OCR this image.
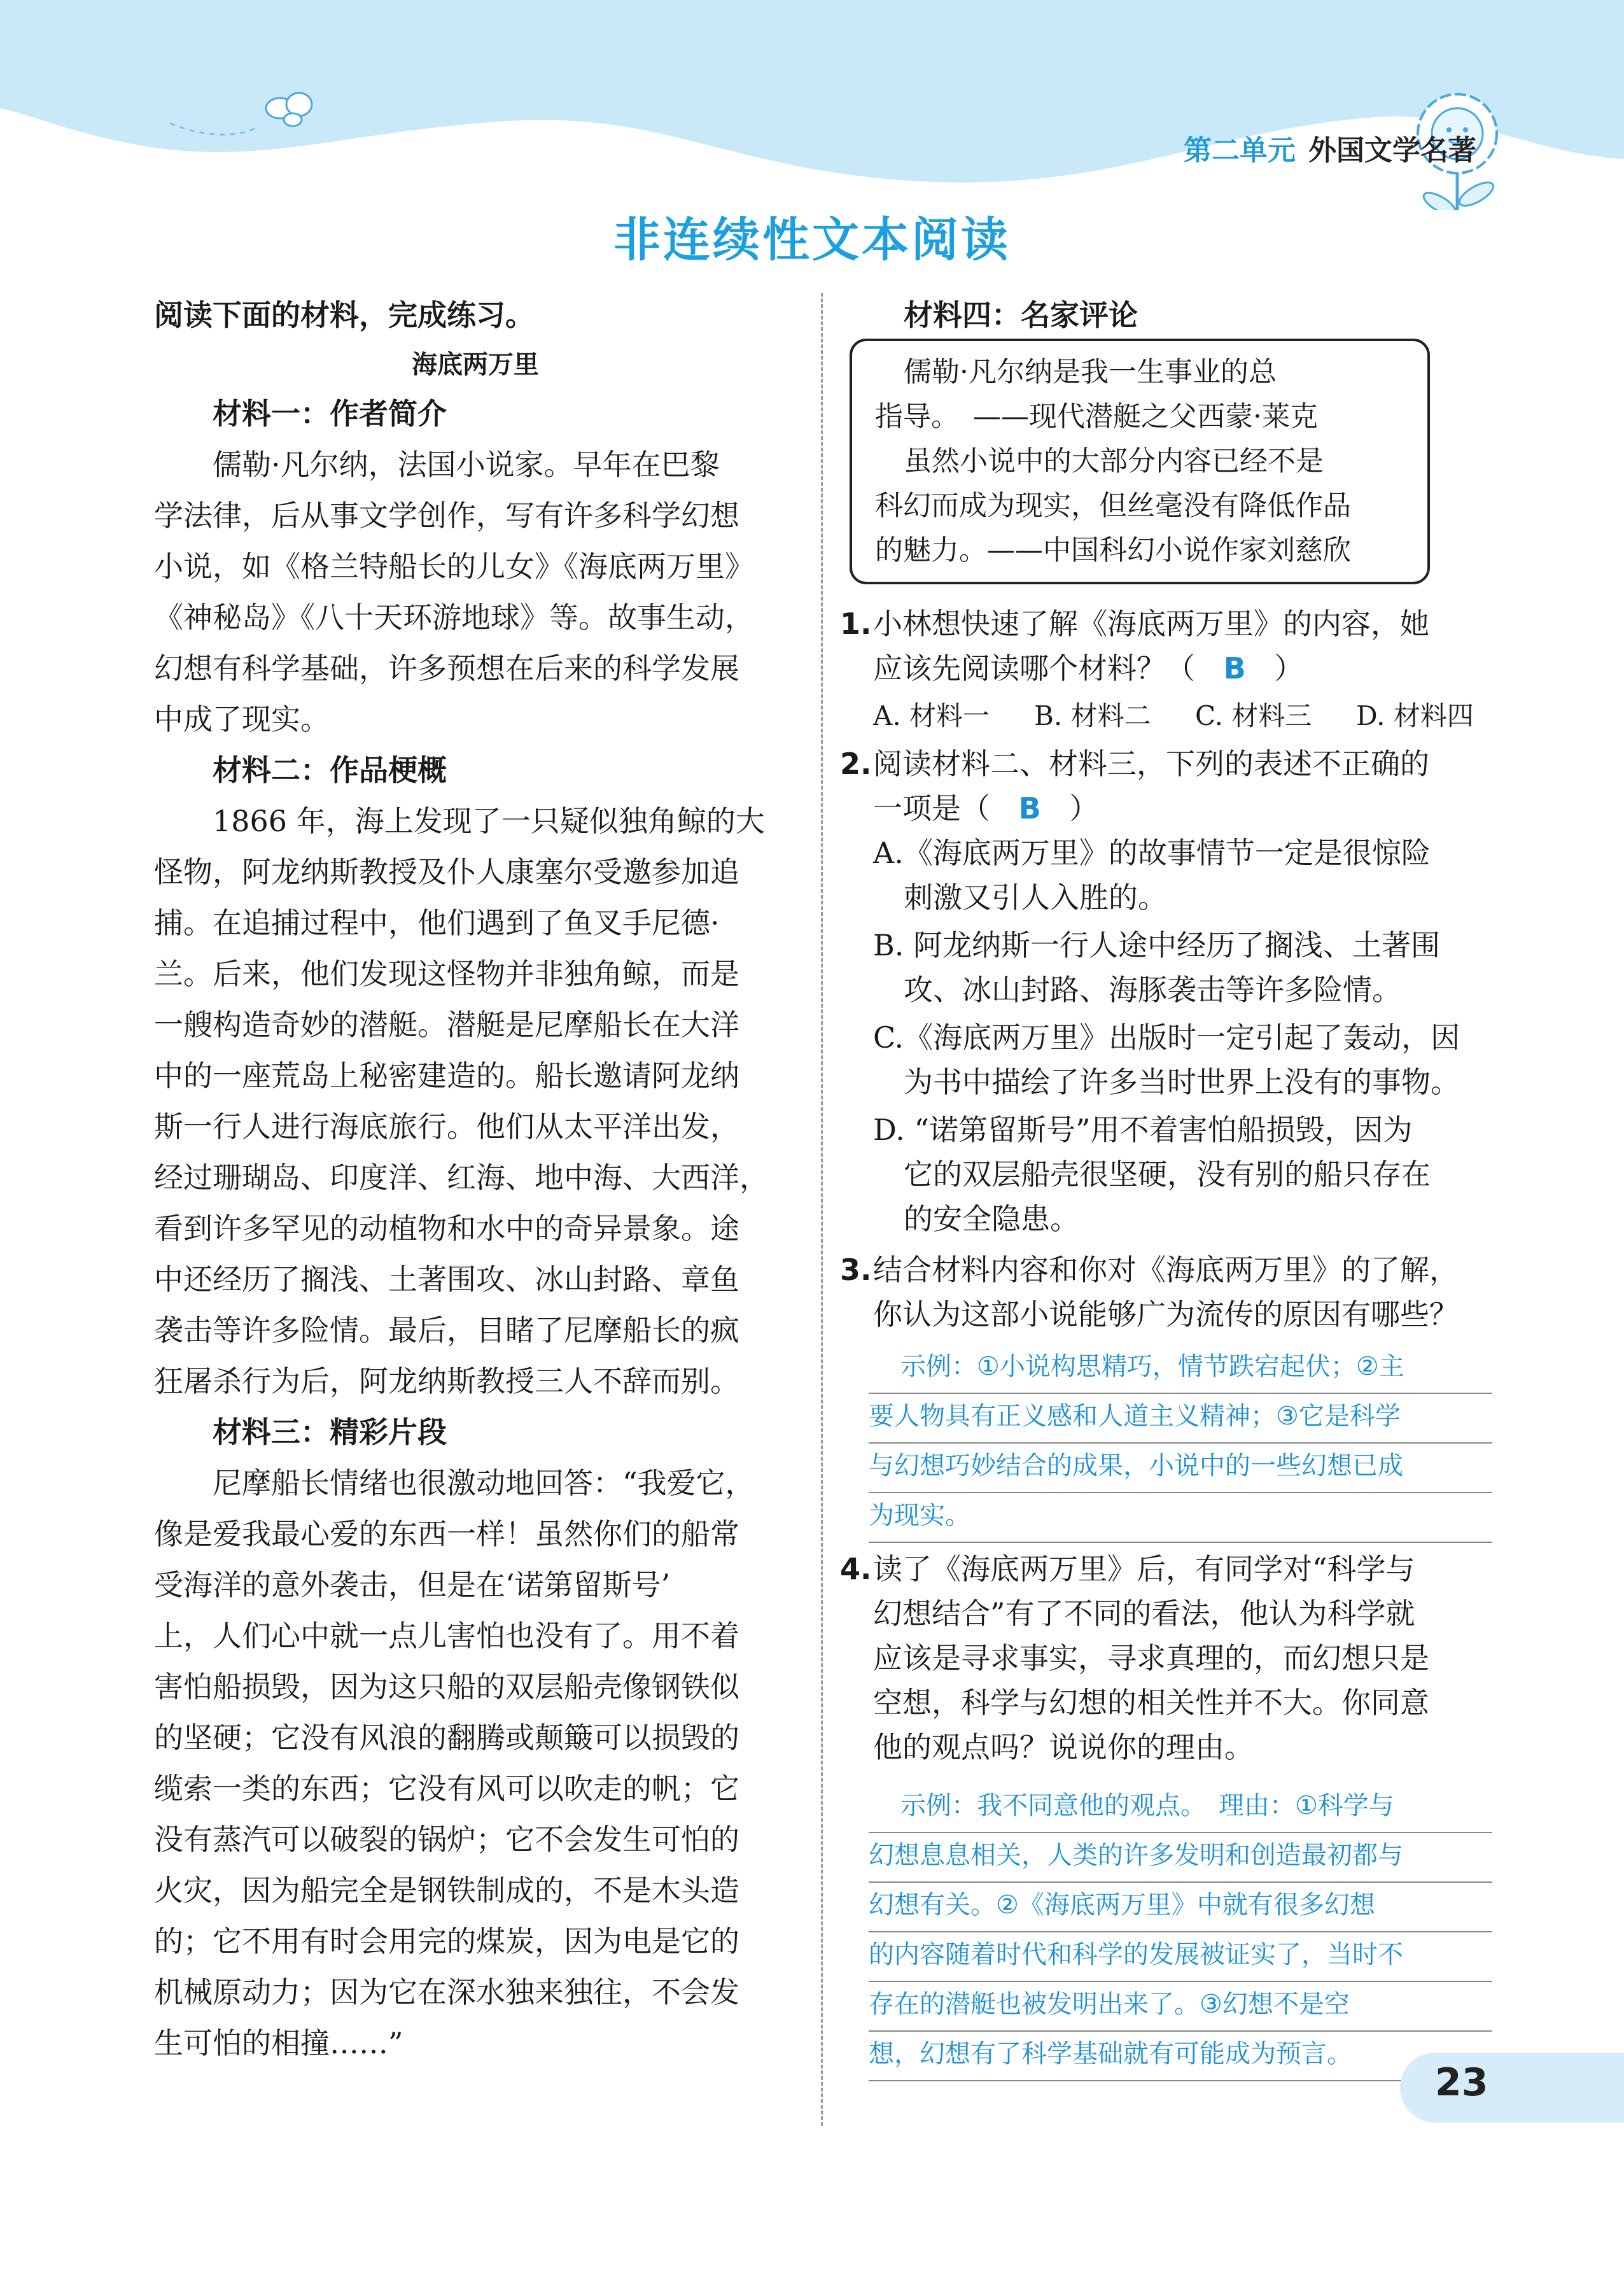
第二单元 外国文学名著
非连续性文本阅读
阅读下面的材料，完成练习。
海底两万里
材料一：作者简介
儒勒·凡尔纳，法国小说家。早年在巴黎
学法律，后从事文学创作，写有许多科学幻想
小说，如《格兰特船长的儿女》《海底两万里》
《神秘岛》《八十天环游地球》等。故事生动，
幻想有科学基础，许多预想在后来的科学发展
中成了现实。
材料二：作品梗概
1866 年，海上发现了一只疑似独角鲸的大
怪物，阿龙纳斯教授及仆人康塞尔受邀参加追
捕。在追捕过程中，他们遇到了鱼叉手尼德·
兰。后来，他们发现这怪物并非独角鲸，而是
一艘构造奇妙的潜艇。潜艇是尼摩船长在大洋
中的一座荒岛上秘密建造的。船长邀请阿龙纳
斯一行人进行海底旅行。他们从太平洋出发，
经过珊瑚岛、印度洋、红海、地中海、大西洋，
看到许多罕见的动植物和水中的奇异景象。途
中还经历了搁浅、土著围攻、冰山封路、章鱼
袭击等许多险情。最后，目睹了尼摩船长的疯
狂屠杀行为后，阿龙纳斯教授三人不辞而别。
材料三：精彩片段
尼摩船长情绪也很激动地回答：“我爱它，
像是爱我最心爱的东西一样！虽然你们的船常
受海洋的意外袭击，但是在‘诺第留斯号’
上，人们心中就一点儿害怕也没有了。用不着
害怕船损毁，因为这只船的双层船壳像钢铁似
的坚硬；它没有风浪的翻腾或颠簸可以损毁的
缆索一类的东西；它没有风可以吹走的帆；它
没有蒸汽可以破裂的锅炉；它不会发生可怕的
火灾，因为船完全是钢铁制成的，不是木头造
的；它不用有时会用完的煤炭，因为电是它的
机械原动力；因为它在深水独来独往，不会发
生可怕的相撞……”
材料四：名家评论
儒勒·凡尔纳是我一生事业的总
指导。　——现代潜艇之父西蒙·莱克
虽然小说中的大部分内容已经不是
科幻而成为现实，但丝毫没有降低作品
的魅力。——中国科幻小说作家刘慈欣
1. 小林想快速了解《海底两万里》的内容，她
应该先阅读哪个材料？（ B ）
A. 材料一 B. 材料二 C. 材料三 D. 材料四
2. 阅读材料二、材料三，下列的表述不正确的
一项是（ B ）
A.《海底两万里》的故事情节一定是很惊险
刺激又引人入胜的。
B. 阿龙纳斯一行人途中经历了搁浅、土著围
攻、冰山封路、海豚袭击等许多险情。
C.《海底两万里》出版时一定引起了轰动，因
为书中描绘了许多当时世界上没有的事物。
D. “诺第留斯号”用不着害怕船损毁，因为
它的双层船壳很坚硬，没有别的船只存在
的安全隐患。
3. 结合材料内容和你对《海底两万里》的了解，
你认为这部小说能够广为流传的原因有哪些？
示例：①小说构思精巧，情节跌宕起伏；②主
要人物具有正义感和人道主义精神；③它是科学
与幻想巧妙结合的成果，小说中的一些幻想已成
为现实。
4. 读了《海底两万里》后，有同学对“科学与
幻想结合”有了不同的看法，他认为科学就
应该是寻求事实，寻求真理的，而幻想只是
空想，科学与幻想的相关性并不大。你同意
他的观点吗？说说你的理由。
示例：我不同意他的观点。　理由：①科学与
幻想息息相关，人类的许多发明和创造最初都与
幻想有关。②《海底两万里》中就有很多幻想
的内容随着时代和科学的发展被证实了，当时不
存在的潜艇也被发明出来了。③幻想不是空
想，幻想有了科学基础就有可能成为预言。
23
